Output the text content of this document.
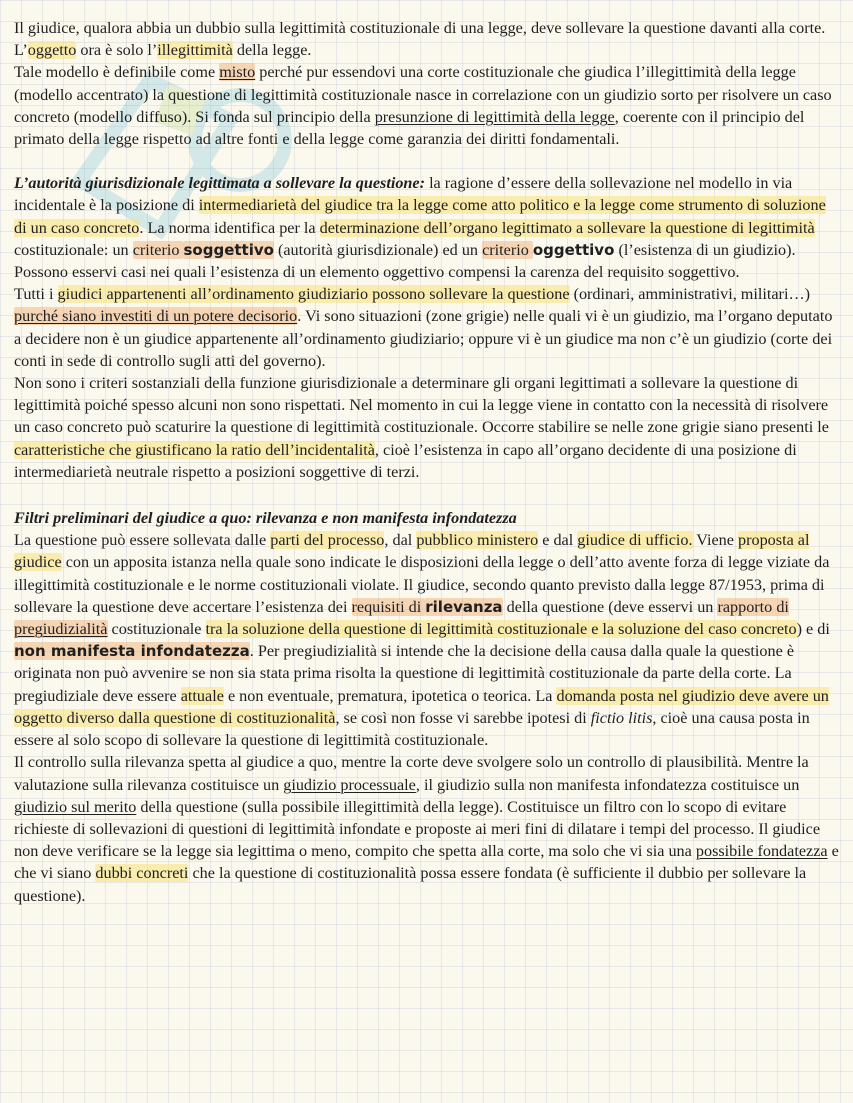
Il giudice, qualora abbia un dubbio sulla legittimità costituzionale di una legge, deve sollevare la questione davanti alla corte. L’oggetto ora è solo l’illegittimità della legge.

Tale modello è definibile come misto perché pur essendovi una corte costituzionale che giudica l’illegittimità della legge (modello accentrato) la questione di legittimità costituzionale nasce in correlazione con un giudizio sorto per risolvere un caso concreto (modello diffuso). Si fonda sul principio della presunzione di legittimità della legge, coerente con il principio del primato della legge rispetto ad altre fonti e della legge come garanzia dei diritti fondamentali.

L’autorità giurisdizionale legittimata a sollevare la questione: la ragione d’essere della sollevazione nel modello in via incidentale è la posizione di intermediarietà del giudice tra la legge come atto politico e la legge come strumento di soluzione di un caso concreto. La norma identifica per la determinazione dell’organo legittimato a sollevare la questione di legittimità costituzionale: un criterio soggettivo (autorità giurisdizionale) ed un criterio oggettivo (l’esistenza di un giudizio). Possono esservi casi nei quali l’esistenza di un elemento oggettivo compensi la carenza del requisito soggettivo.

Tutti i giudici appartenenti all’ordinamento giudiziario possono sollevare la questione (ordinari, amministrativi, militari…) purché siano investiti di un potere decisorio. Vi sono situazioni (zone grigie) nelle quali vi è un giudizio, ma l’organo deputato a decidere non è un giudice appartenente all’ordinamento giudiziario; oppure vi è un giudice ma non c’è un giudizio (corte dei conti in sede di controllo sugli atti del governo).

Non sono i criteri sostanziali della funzione giurisdizionale a determinare gli organi legittimati a sollevare la questione di legittimità poiché spesso alcuni non sono rispettati. Nel momento in cui la legge viene in contatto con la necessità di risolvere un caso concreto può scaturire la questione di legittimità costituzionale. Occorre stabilire se nelle zone grigie siano presenti le caratteristiche che giustificano la ratio dell’incidentalità, cioè l’esistenza in capo all’organo decidente di una posizione di intermediarietà neutrale rispetto a posizioni soggettive di terzi.

Filtri preliminari del giudice a quo: rilevanza e non manifesta infondatezza

La questione può essere sollevata dalle parti del processo, dal pubblico ministero e dal giudice di ufficio. Viene proposta al giudice con un apposita istanza nella quale sono indicate le disposizioni della legge o dell’atto avente forza di legge viziate da illegittimità costituzionale e le norme costituzionali violate. Il giudice, secondo quanto previsto dalla legge 87/1953, prima di sollevare la questione deve accertare l’esistenza dei requisiti di rilevanza della questione (deve esservi un rapporto di pregiudizialità costituzionale tra la soluzione della questione di legittimità costituzionale e la soluzione del caso concreto) e di non manifesta infondatezza. Per pregiudizialità si intende che la decisione della causa dalla quale la questione è originata non può avvenire se non sia stata prima risolta la questione di legittimità costituzionale da parte della corte. La pregiudiziale deve essere attuale e non eventuale, prematura, ipotetica o teorica. La domanda posta nel giudizio deve avere un oggetto diverso dalla questione di costituzionalità, se così non fosse vi sarebbe ipotesi di fictio litis, cioè una causa posta in essere al solo scopo di sollevare la questione di legittimità costituzionale.

Il controllo sulla rilevanza spetta al giudice a quo, mentre la corte deve svolgere solo un controllo di plausibilità. Mentre la valutazione sulla rilevanza costituisce un giudizio processuale, il giudizio sulla non manifesta infondatezza costituisce un giudizio sul merito della questione (sulla possibile illegittimità della legge). Costituisce un filtro con lo scopo di evitare richieste di sollevazioni di questioni di legittimità infondate e proposte ai meri fini di dilatare i tempi del processo. Il giudice non deve verificare se la legge sia legittima o meno, compito che spetta alla corte, ma solo che vi sia una possibile fondatezza e che vi siano dubbi concreti che la questione di costituzionalità possa essere fondata (è sufficiente il dubbio per sollevare la questione).
